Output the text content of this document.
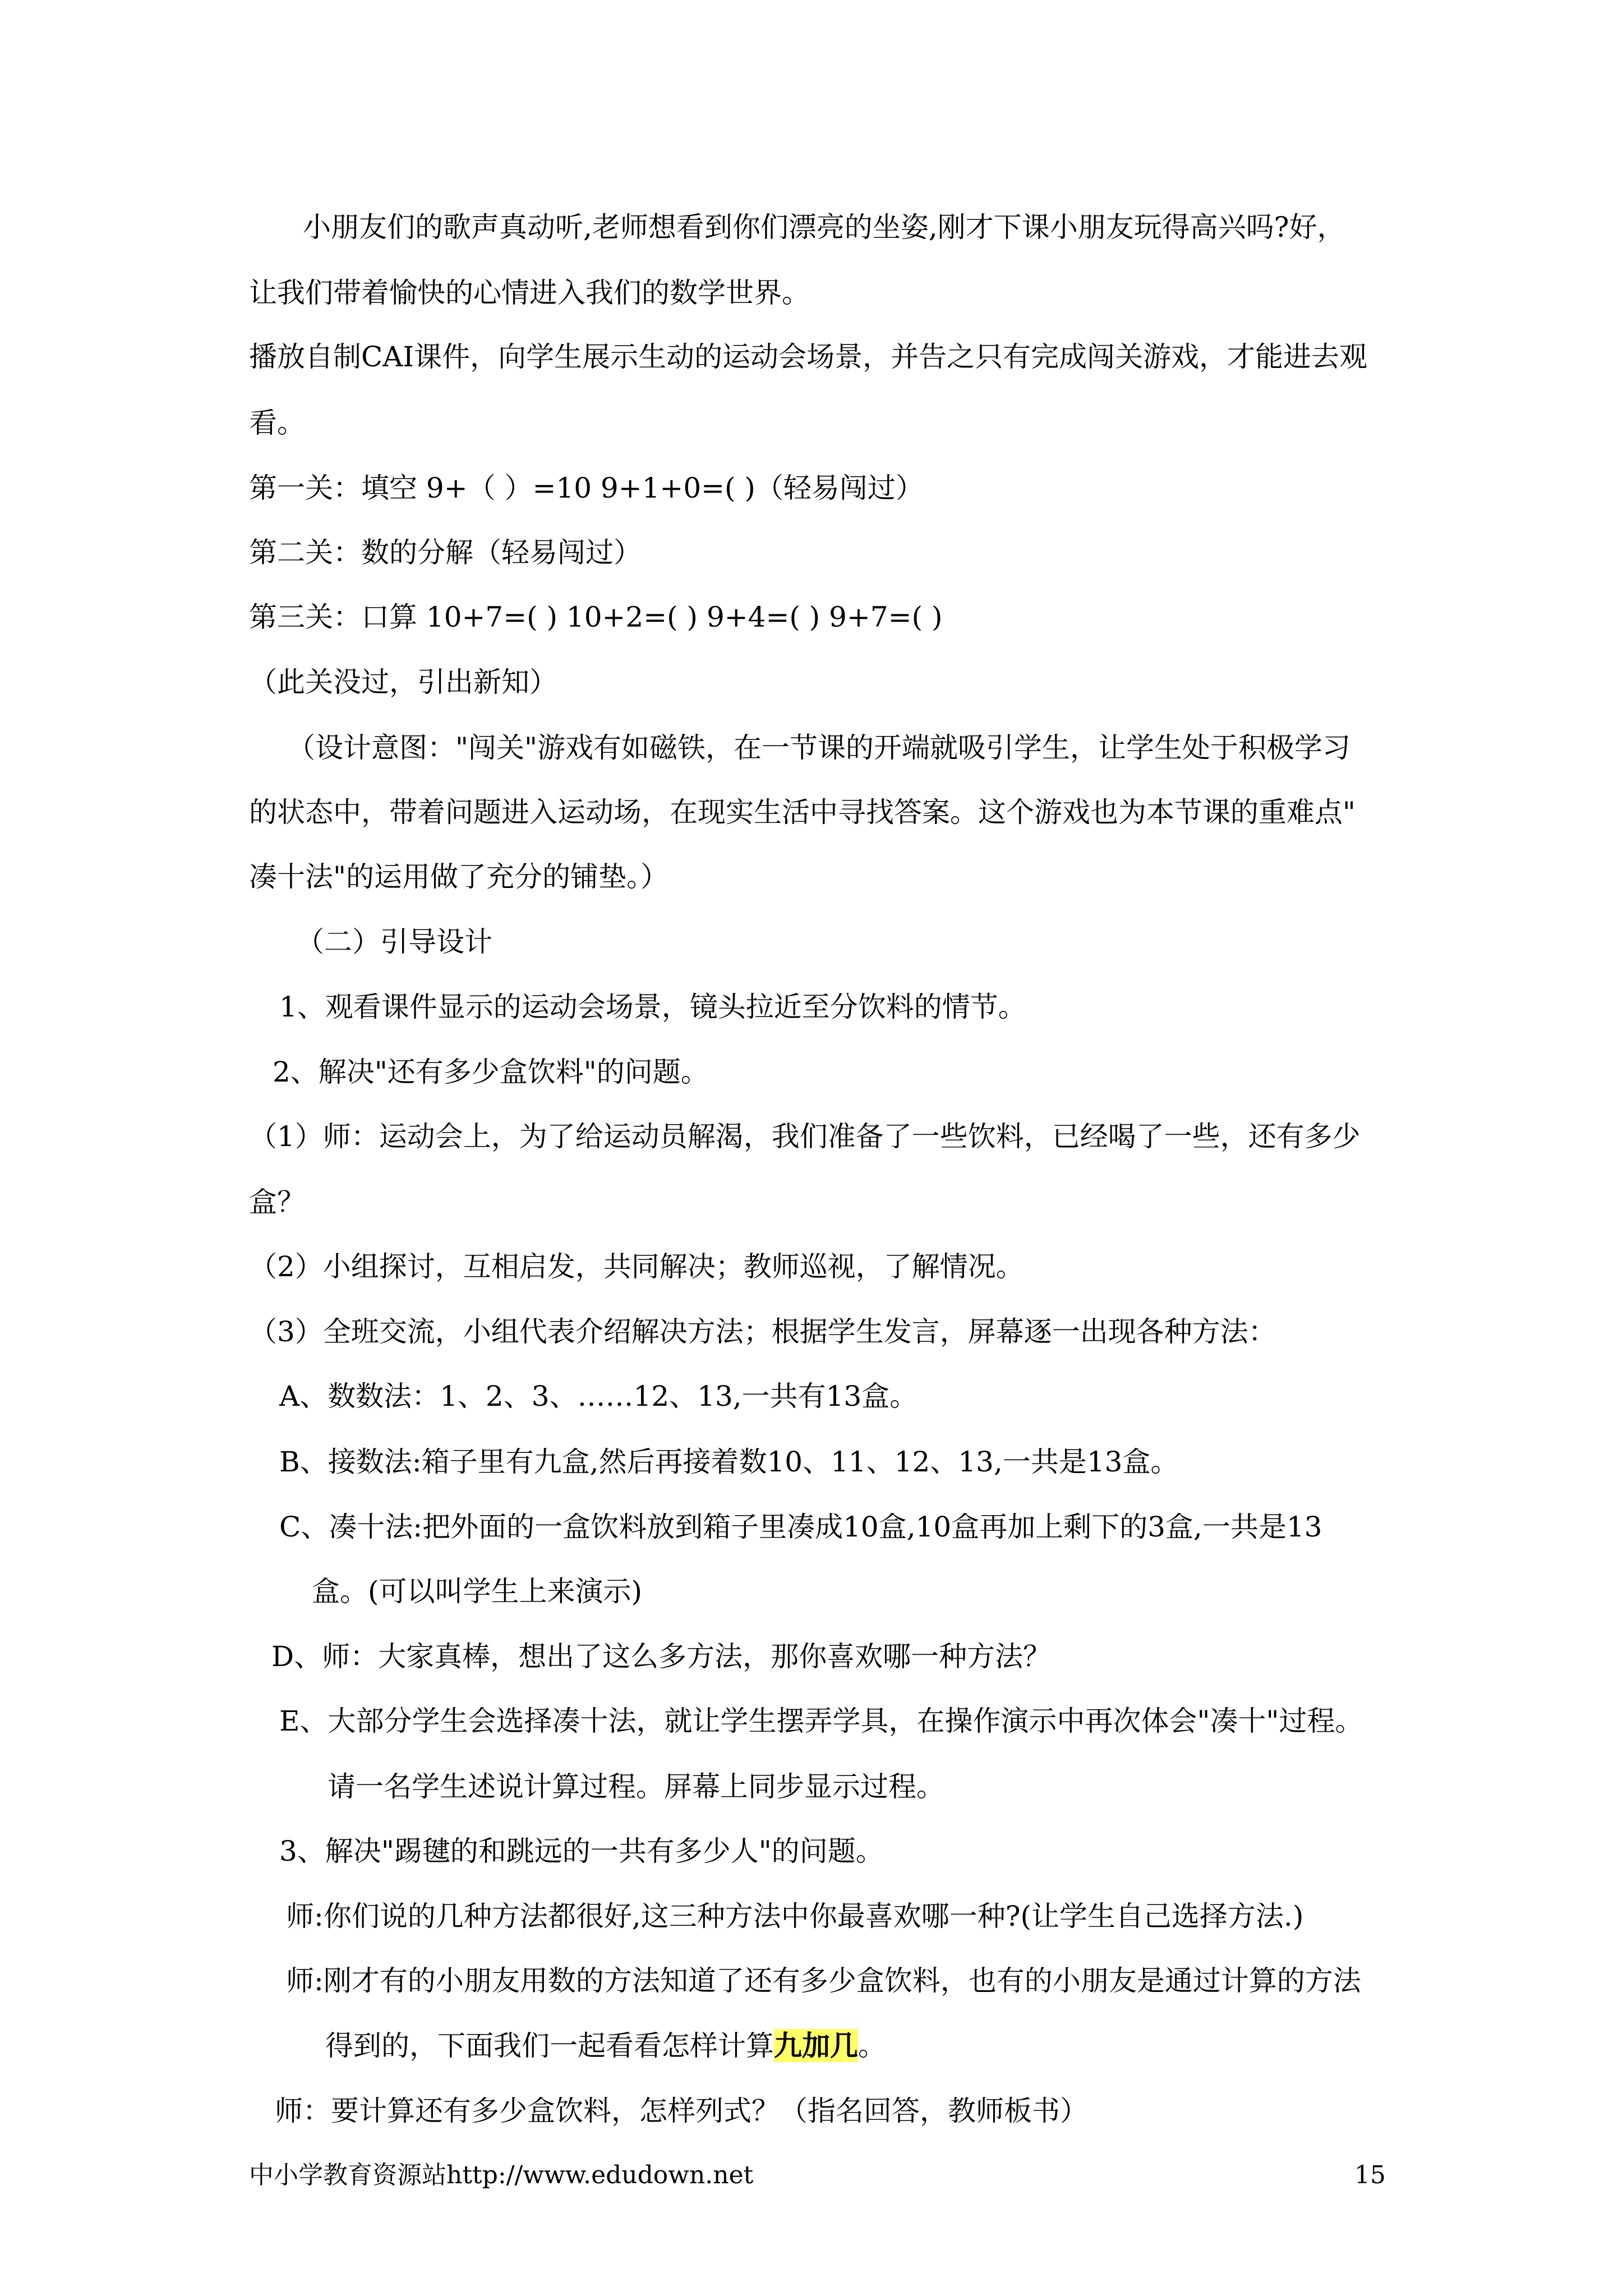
小朋友们的歌声真动听,老师想看到你们漂亮的坐姿,刚才下课小朋友玩得高兴吗?好，
让我们带着愉快的心情进入我们的数学世界。
播放自制CAI课件，向学生展示生动的运动会场景，并告之只有完成闯关游戏，才能进去观
看。
第一关：填空 9+（ ）=10 9+1+0=( )（轻易闯过）
第二关：数的分解（轻易闯过）
第三关：口算 10+7=( ) 10+2=( ) 9+4=( ) 9+7=( )
（此关没过，引出新知）
（设计意图："闯关"游戏有如磁铁，在一节课的开端就吸引学生，让学生处于积极学习
的状态中，带着问题进入运动场，在现实生活中寻找答案。这个游戏也为本节课的重难点"
凑十法"的运用做了充分的铺垫。）
（二）引导设计
1、观看课件显示的运动会场景，镜头拉近至分饮料的情节。
2、解决"还有多少盒饮料"的问题。
（1）师：运动会上，为了给运动员解渴，我们准备了一些饮料，已经喝了一些，还有多少
盒？
（2）小组探讨，互相启发，共同解决；教师巡视，了解情况。
（3）全班交流，小组代表介绍解决方法；根据学生发言，屏幕逐一出现各种方法：
A、数数法：1、2、3、……12、13,一共有13盒。
B、接数法:箱子里有九盒,然后再接着数10、11、12、13,一共是13盒。
C、凑十法:把外面的一盒饮料放到箱子里凑成10盒,10盒再加上剩下的3盒,一共是13
盒。(可以叫学生上来演示)
D、师：大家真棒，想出了这么多方法，那你喜欢哪一种方法？
E、大部分学生会选择凑十法，就让学生摆弄学具，在操作演示中再次体会"凑十"过程。
请一名学生述说计算过程。屏幕上同步显示过程。
3、解决"踢毽的和跳远的一共有多少人"的问题。
师:你们说的几种方法都很好,这三种方法中你最喜欢哪一种?(让学生自己选择方法.)
师:刚才有的小朋友用数的方法知道了还有多少盒饮料，也有的小朋友是通过计算的方法
得到的，下面我们一起看看怎样计算九加几。
师：要计算还有多少盒饮料，怎样列式？（指名回答，教师板书）
中小学教育资源站http://www.edudown.net	15
